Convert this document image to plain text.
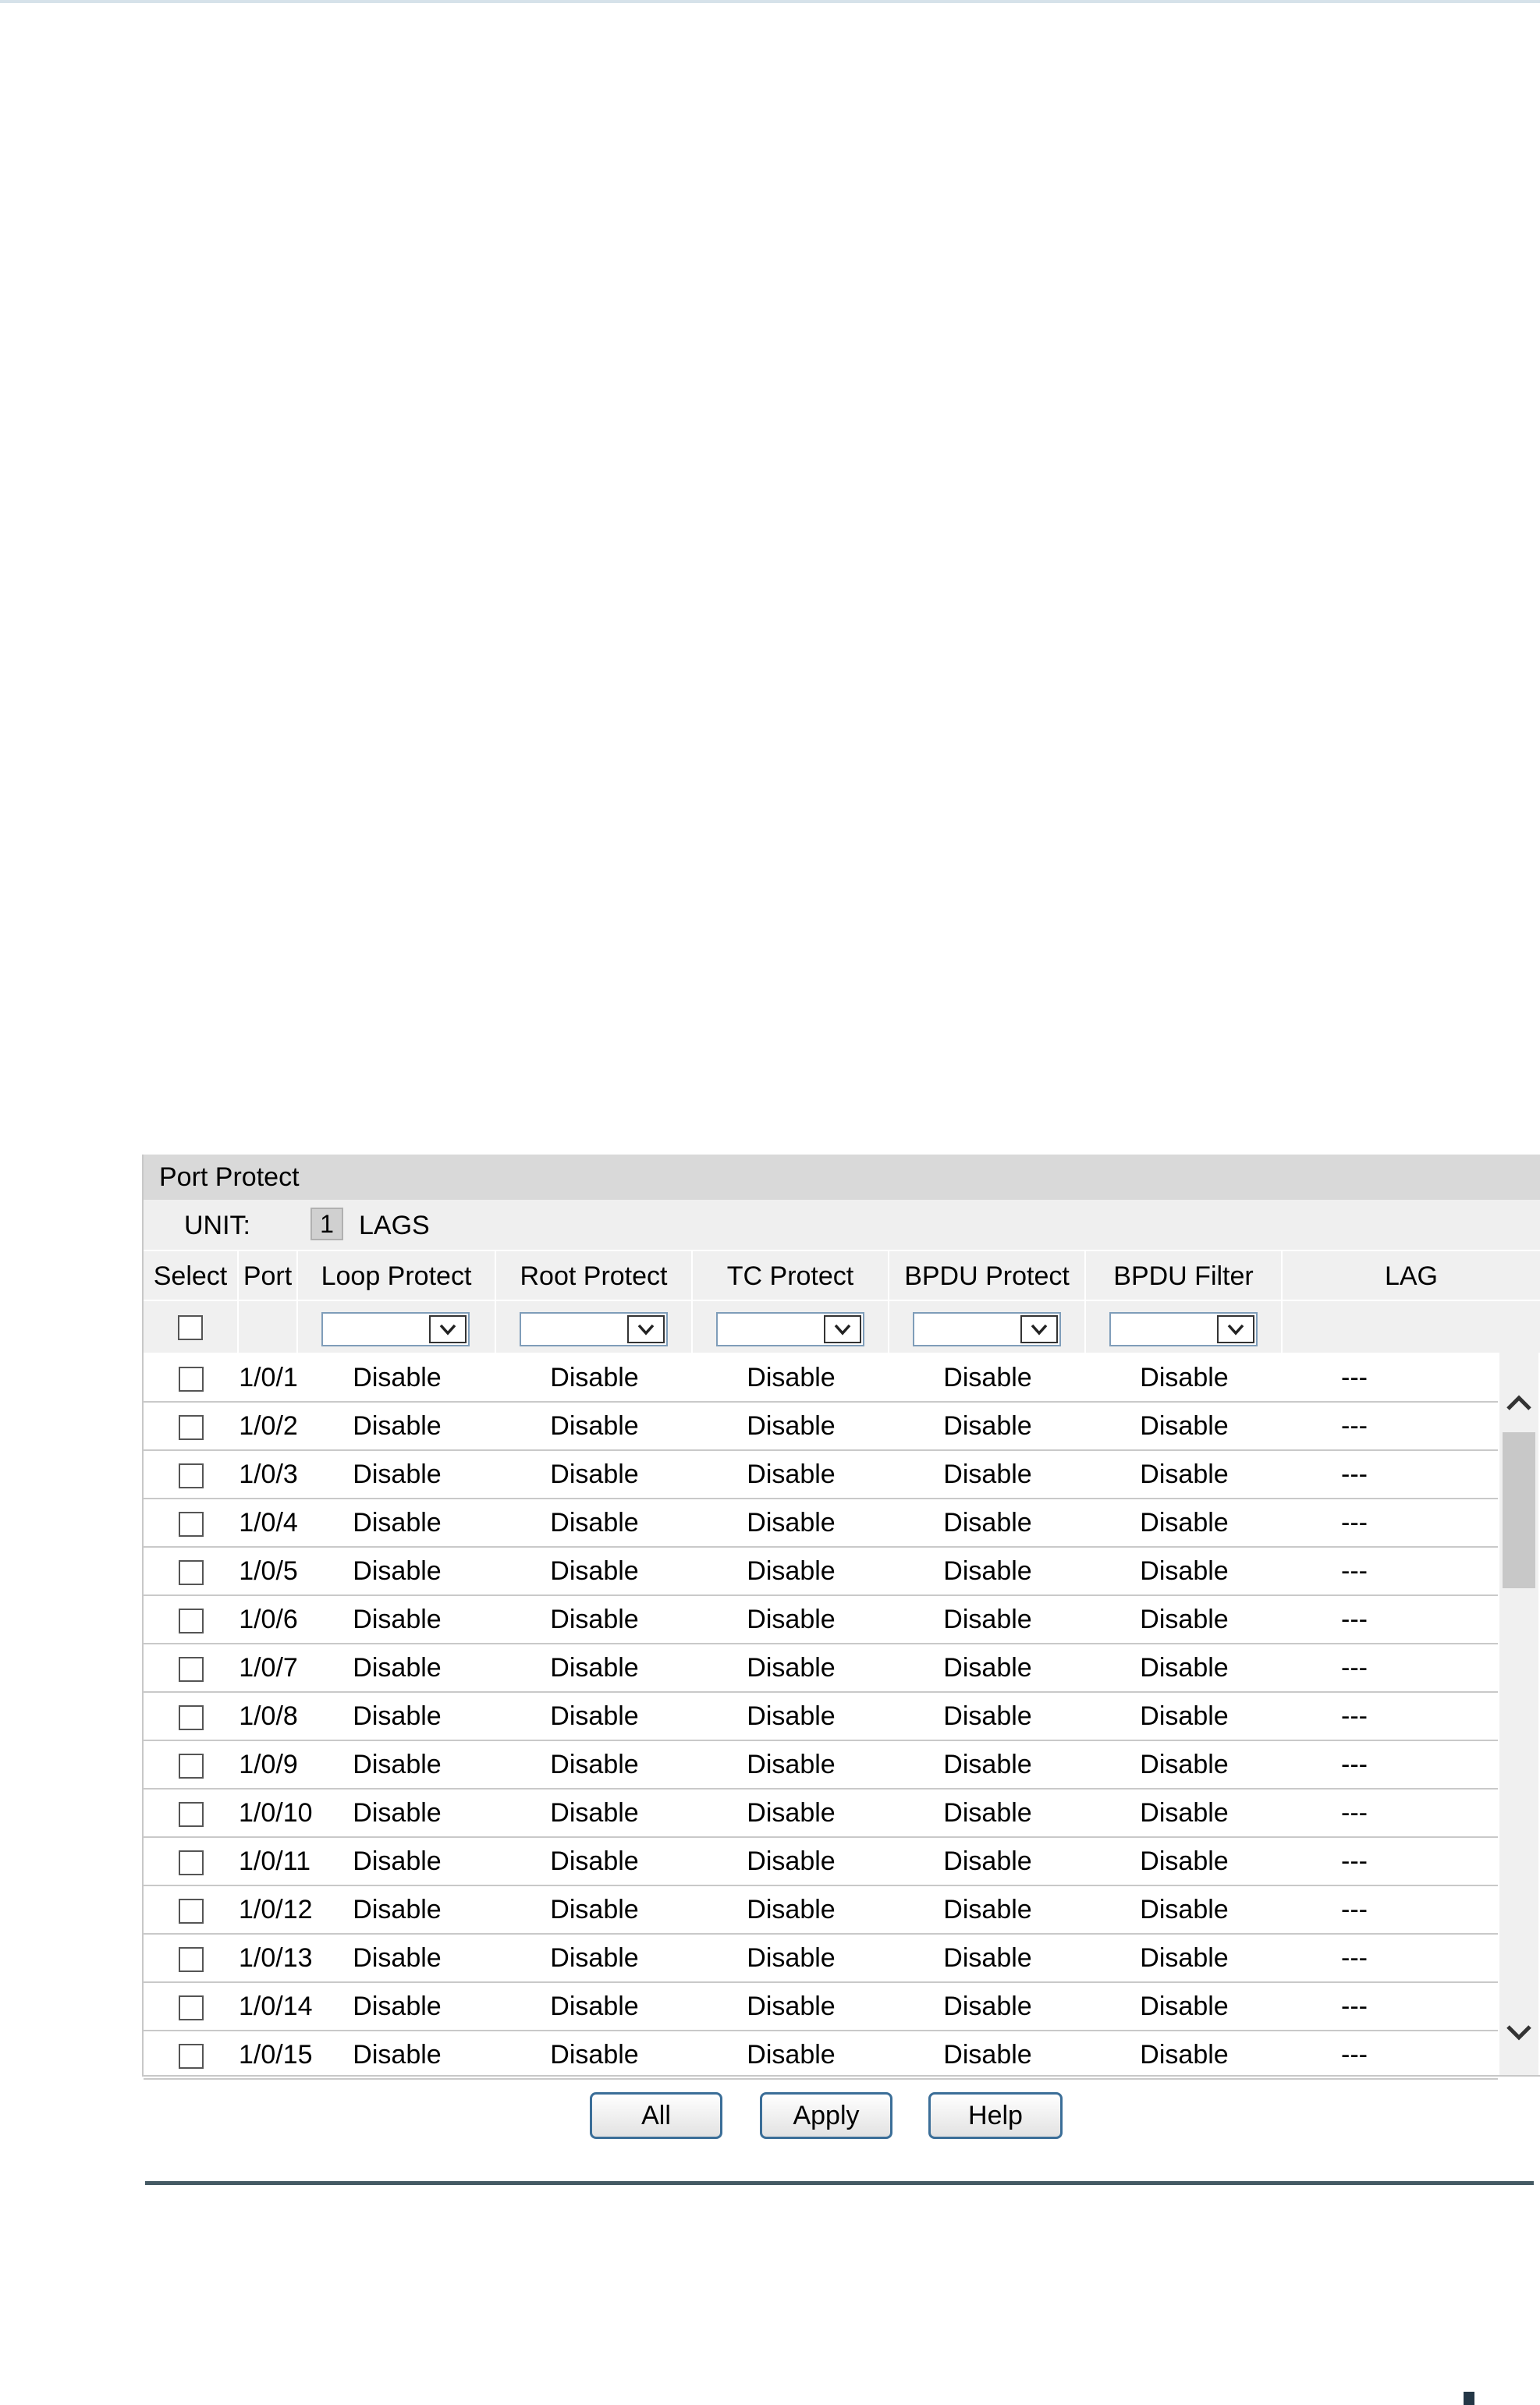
Port Protect
UNIT:	1 LAGS
Select Port	Loop Protect	Root Protect	TC Protect	BPDU Protect	BPDU Filter	LAG
1/0/1	Disable	Disable	Disable	Disable	Disable	---
1/0/2	Disable	Disable	Disable	Disable	Disable	---
1/0/3	Disable	Disable	Disable	Disable	Disable	---
1/0/4	Disable	Disable	Disable	Disable	Disable	---
1/0/5	Disable	Disable	Disable	Disable	Disable	---
1/0/6	Disable	Disable	Disable	Disable	Disable	---
1/0/7	Disable	Disable	Disable	Disable	Disable	---
1/0/8	Disable	Disable	Disable	Disable	Disable	---
1/0/9	Disable	Disable	Disable	Disable	Disable	---
1/0/10	Disable	Disable	Disable	Disable	Disable	---
1/0/11	Disable	Disable	Disable	Disable	Disable	---
1/0/12	Disable	Disable	Disable	Disable	Disable	---
1/0/13	Disable	Disable	Disable	Disable	Disable	---
1/0/14	Disable	Disable	Disable	Disable	Disable	---
1/0/15	Disable	Disable	Disable	Disable	Disable	---
All	Apply	Help
